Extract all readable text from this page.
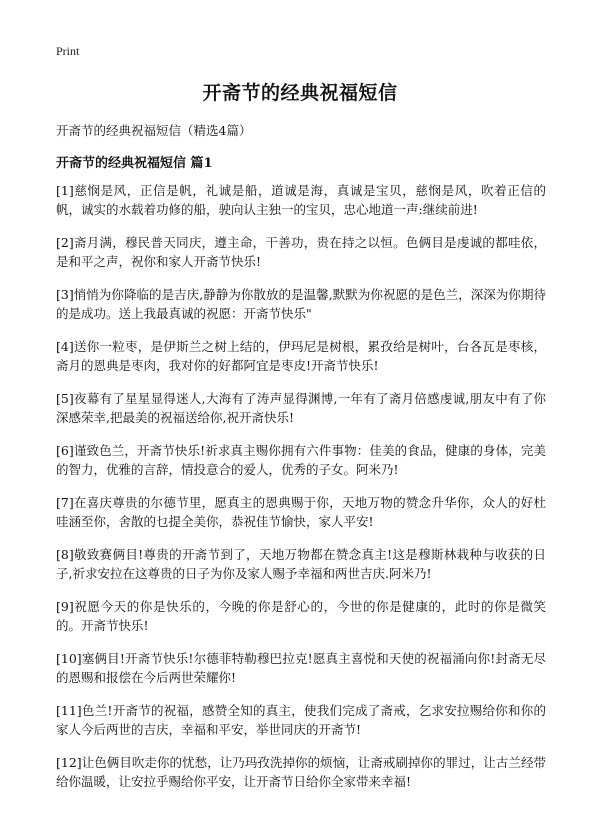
Print
开斋节的经典祝福短信

开斋节的经典祝福短信（精选4篇）

开斋节的经典祝福短信 篇1

[1]慈悯是风，正信是帆，礼诚是船，道诚是海，真诚是宝贝，慈悯是风，吹着正信的帆，诚实的水载着功修的船，驶向认主独一的宝贝，忠心地道一声:继续前进!

[2]斋月满，穆民普天同庆，遵主命，干善功，贵在持之以恒。色俩目是虔诚的都哇依，是和平之声，祝你和家人开斋节快乐!

[3]悄悄为你降临的是吉庆,静静为你散放的是温馨,默默为你祝愿的是色兰，深深为你期待的是成功。送上我最真诚的祝愿：开斋节快乐"

[4]送你一粒枣，是伊斯兰之树上结的，伊玛尼是树根，累孜给是树叶，台各瓦是枣核，斋月的恩典是枣肉，我对你的好都阿宜是枣皮!开斋节快乐!

[5]夜幕有了星星显得迷人,大海有了涛声显得渊博,一年有了斋月倍感虔诚,朋友中有了你深感荣幸,把最美的祝福送给你,祝开斋快乐!

[6]谨致色兰，开斋节快乐!祈求真主赐你拥有六件事物：佳美的食品，健康的身体，完美的智力，优雅的言辞，情投意合的爱人，优秀的子女。阿米乃!

[7]在喜庆尊贵的尔德节里，愿真主的恩典赐于你，天地万物的赞念升华你，众人的好杜哇涵至你，舍散的乜提全美你，恭祝佳节愉快，家人平安!

[8]敬致赛俩目!尊贵的开斋节到了，天地万物都在赞念真主!这是穆斯林栽种与收获的日子,祈求安拉在这尊贵的日子为你及家人赐予幸福和两世吉庆.阿米乃!

[9]祝愿今天的你是快乐的，今晚的你是舒心的，今世的你是健康的，此时的你是微笑的。开斋节快乐!

[10]塞俩目!开斋节快乐!尔德菲特勒穆巴拉克!愿真主喜悦和天使的祝福涌向你!封斋无尽的恩赐和报偿在今后两世荣耀你!

[11]色兰!开斋节的祝福，感赞全知的真主，使我们完成了斋戒，乞求安拉赐给你和你的家人今后两世的吉庆，幸福和平安，举世同庆的开斋节!

[12]让色俩目吹走你的忧愁，让乃玛孜洗掉你的烦恼，让斋戒刷掉你的罪过，让古兰经带给你温暖，让安拉乎赐给你平安，让开斋节日给你全家带来幸福!
